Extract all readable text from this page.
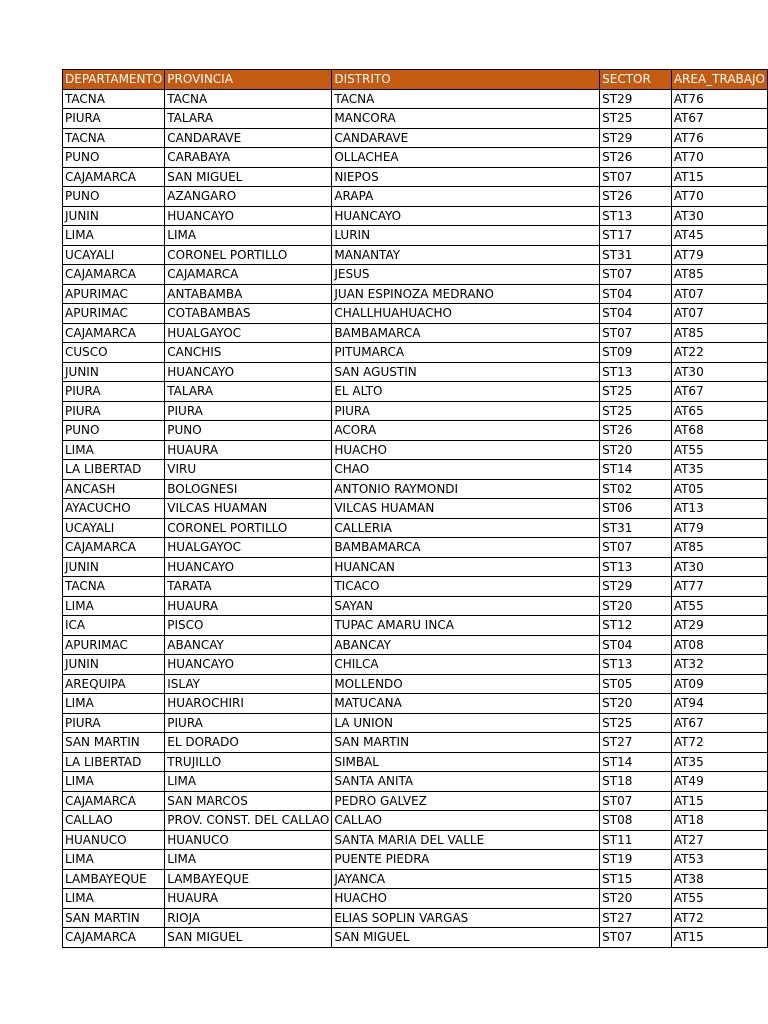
DEPARTAMENTO	PROVINCIA	DISTRITO	SECTOR	AREA_TRABAJO
TACNA	TACNA	TACNA	ST29	AT76
PIURA	TALARA	MANCORA	ST25	AT67
TACNA	CANDARAVE	CANDARAVE	ST29	AT76
PUNO	CARABAYA	OLLACHEA	ST26	AT70
CAJAMARCA	SAN MIGUEL	NIEPOS	ST07	AT15
PUNO	AZANGARO	ARAPA	ST26	AT70
JUNIN	HUANCAYO	HUANCAYO	ST13	AT30
LIMA	LIMA	LURIN	ST17	AT45
UCAYALI	CORONEL PORTILLO	MANANTAY	ST31	AT79
CAJAMARCA	CAJAMARCA	JESUS	ST07	AT85
APURIMAC	ANTABAMBA	JUAN ESPINOZA MEDRANO	ST04	AT07
APURIMAC	COTABAMBAS	CHALLHUAHUACHO	ST04	AT07
CAJAMARCA	HUALGAYOC	BAMBAMARCA	ST07	AT85
CUSCO	CANCHIS	PITUMARCA	ST09	AT22
JUNIN	HUANCAYO	SAN AGUSTIN	ST13	AT30
PIURA	TALARA	EL ALTO	ST25	AT67
PIURA	PIURA	PIURA	ST25	AT65
PUNO	PUNO	ACORA	ST26	AT68
LIMA	HUAURA	HUACHO	ST20	AT55
LA LIBERTAD	VIRU	CHAO	ST14	AT35
ANCASH	BOLOGNESI	ANTONIO RAYMONDI	ST02	AT05
AYACUCHO	VILCAS HUAMAN	VILCAS HUAMAN	ST06	AT13
UCAYALI	CORONEL PORTILLO	CALLERIA	ST31	AT79
CAJAMARCA	HUALGAYOC	BAMBAMARCA	ST07	AT85
JUNIN	HUANCAYO	HUANCAN	ST13	AT30
TACNA	TARATA	TICACO	ST29	AT77
LIMA	HUAURA	SAYAN	ST20	AT55
ICA	PISCO	TUPAC AMARU INCA	ST12	AT29
APURIMAC	ABANCAY	ABANCAY	ST04	AT08
JUNIN	HUANCAYO	CHILCA	ST13	AT32
AREQUIPA	ISLAY	MOLLENDO	ST05	AT09
LIMA	HUAROCHIRI	MATUCANA	ST20	AT94
PIURA	PIURA	LA UNION	ST25	AT67
SAN MARTIN	EL DORADO	SAN MARTIN	ST27	AT72
LA LIBERTAD	TRUJILLO	SIMBAL	ST14	AT35
LIMA	LIMA	SANTA ANITA	ST18	AT49
CAJAMARCA	SAN MARCOS	PEDRO GALVEZ	ST07	AT15
CALLAO	PROV. CONST. DEL CALLAO	CALLAO	ST08	AT18
HUANUCO	HUANUCO	SANTA MARIA DEL VALLE	ST11	AT27
LIMA	LIMA	PUENTE PIEDRA	ST19	AT53
LAMBAYEQUE	LAMBAYEQUE	JAYANCA	ST15	AT38
LIMA	HUAURA	HUACHO	ST20	AT55
SAN MARTIN	RIOJA	ELIAS SOPLIN VARGAS	ST27	AT72
CAJAMARCA	SAN MIGUEL	SAN MIGUEL	ST07	AT15
